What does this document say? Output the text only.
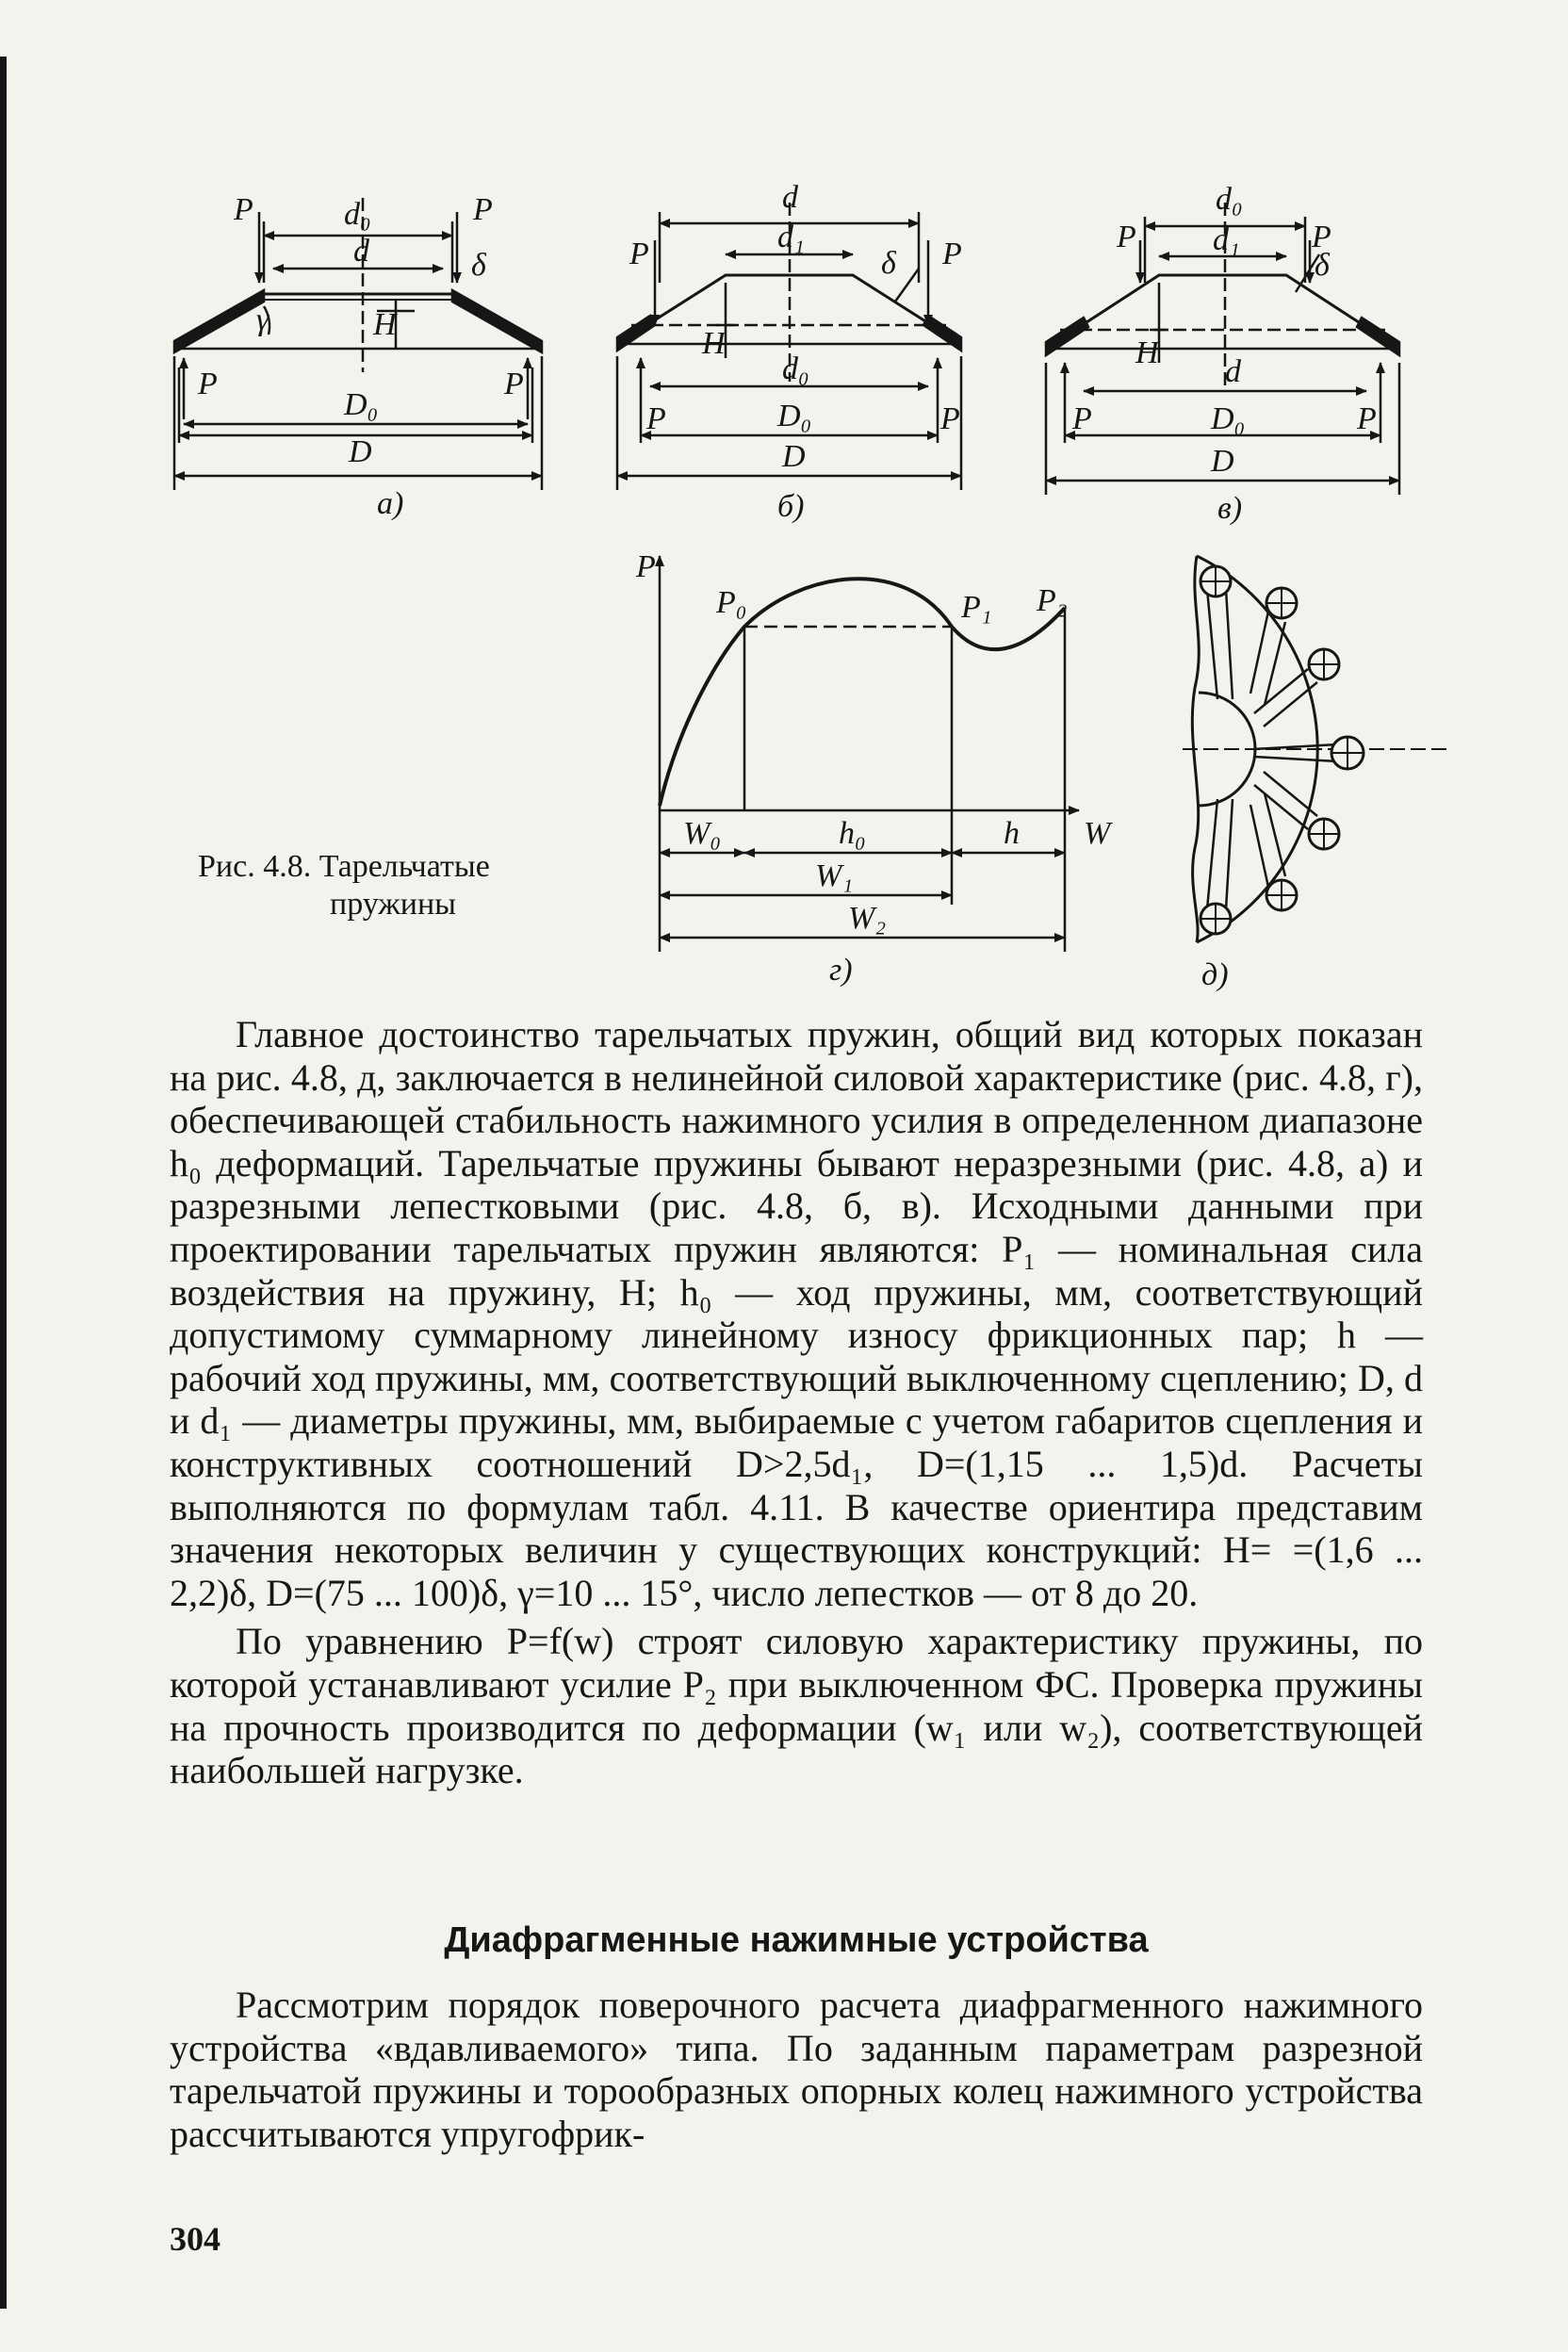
P	P
d₀
d	δ
γ	H
P	P
D₀
D
а)
d
d₁
P	P
δ
H
d₀
P	D₀	P
D
б)
d₀
P d₁ P
δ
H
d
P	D₀	P
D
в)
P
P₀	P₁ P₂
W
W₀	h₀	h
W₁
W₂
г)	д)
Рис. 4.8. Тарельчатые
пружины

Главное достоинство тарельчатых пружин, общий вид которых показан на рис. 4.8, д, заключается в нелинейной силовой характеристике (рис. 4.8, г), обеспечивающей стабильность нажимного усилия в определенном диапазоне h₀ деформаций. Тарельчатые пружины бывают неразрезными (рис. 4.8, а) и разрезными лепестковыми (рис. 4.8, б, в). Исходными данными при проектировании тарельчатых пружин являются: P₁ — номинальная сила воздействия на пружину, Н; h₀ — ход пружины, мм, соответствующий допустимому суммарному линейному износу фрикционных пар; h — рабочий ход пружины, мм, соответствующий выключенному сцеплению; D, d и d₁ — диаметры пружины, мм, выбираемые с учетом габаритов сцепления и конструктивных соотношений D>2,5d₁, D=(1,15 ... 1,5)d. Расчеты выполняются по формулам табл. 4.11. В качестве ориентира представим значения некоторых величин у существующих конструкций: H= =(1,6 ... 2,2)δ, D=(75 ... 100)δ, γ=10 ... 15°, число лепестков — от 8 до 20.

По уравнению P=f(w) строят силовую характеристику пружины, по которой устанавливают усилие P₂ при выключенном ФС. Проверка пружины на прочность производится по деформации (w₁ или w₂), соответствующей наибольшей нагрузке.

Диафрагменные нажимные устройства

Рассмотрим порядок поверочного расчета диафрагменного нажимного устройства «вдавливаемого» типа. По заданным параметрам разрезной тарельчатой пружины и торообразных опорных колец нажимного устройства рассчитываются упругофрик-

304
